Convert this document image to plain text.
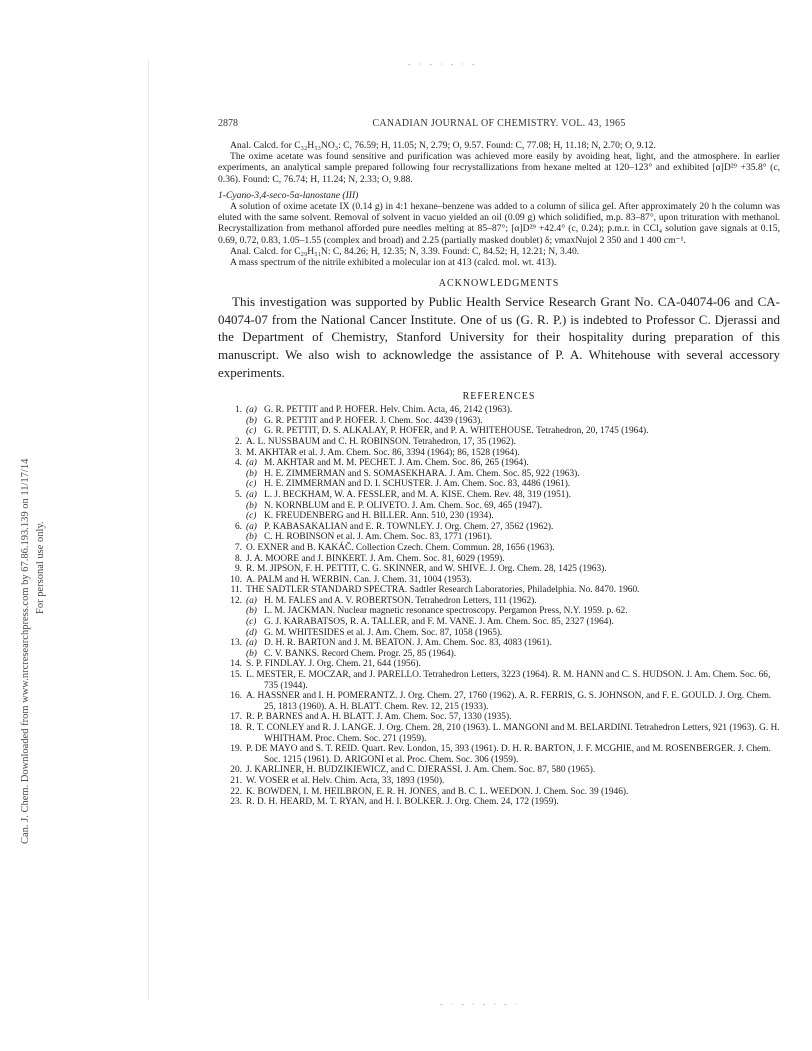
- · - · - · -
Can. J. Chem. Downloaded from www.nrcresearchpress.com by 67.86.193.139 on 11/17/14 For personal use only.
2878	CANADIAN JOURNAL OF CHEMISTRY. VOL. 43, 1965

Anal. Calcd. for C₃₂H₅₃NO₃: C, 76.59; H, 11.05; N, 2.79; O, 9.57. Found: C, 77.08; H, 11.18; N, 2.70; O, 9.12.

The oxime acetate was found sensitive and purification was achieved more easily by avoiding heat, light, and the atmosphere. In earlier experiments, an analytical sample prepared following four recrystallizations from hexane melted at 120–123° and exhibited [α]D²⁹ +35.8° (c, 0.36). Found: C, 76.74; H, 11.24; N, 2.33; O, 9.88.

1-Cyano-3,4-seco-5α-lanostane (III)

A solution of oxime acetate IX (0.14 g) in 4:1 hexane–benzene was added to a column of silica gel. After approximately 20 h the column was eluted with the same solvent. Removal of solvent in vacuo yielded an oil (0.09 g) which solidified, m.p. 83–87°, upon trituration with methanol. Recrystallization from methanol afforded pure needles melting at 85–87°; [α]D²⁹ +42.4° (c, 0.24); p.m.r. in CCl₄ solution gave signals at 0.15, 0.69, 0.72, 0.83, 1.05–1.55 (complex and broad) and 2.25 (partially masked doublet) δ; νmaxNujol 2 350 and 1 400 cm⁻¹.

Anal. Calcd. for C₂₉H₅₁N: C, 84.26; H, 12.35; N, 3.39. Found: C, 84.52; H, 12.21; N, 3.40.

A mass spectrum of the nitrile exhibited a molecular ion at 413 (calcd. mol. wt. 413).

ACKNOWLEDGMENTS

This investigation was supported by Public Health Service Research Grant No. CA-04074-06 and CA-04074-07 from the National Cancer Institute. One of us (G. R. P.) is indebted to Professor C. Djerassi and the Department of Chemistry, Stanford University for their hospitality during preparation of this manuscript. We also wish to acknowledge the assistance of P. A. Whitehouse with several accessory experiments.

REFERENCES
1. (a) G. R. PETTIT and P. HOFER. Helv. Chim. Acta, 46, 2142 (1963).
(b) G. R. PETTIT and P. HOFER. J. Chem. Soc. 4439 (1963).
(c) G. R. PETTIT, D. S. ALKALAY, P. HOFER, and P. A. WHITEHOUSE. Tetrahedron, 20, 1745 (1964).
2. A. L. NUSSBAUM and C. H. ROBINSON. Tetrahedron, 17, 35 (1962).
3. M. AKHTAR et al. J. Am. Chem. Soc. 86, 3394 (1964); 86, 1528 (1964).
4. (a) M. AKHTAR and M. M. PECHET. J. Am. Chem. Soc. 86, 265 (1964).
(b) H. E. ZIMMERMAN and S. SOMASEKHARA. J. Am. Chem. Soc. 85, 922 (1963).
(c) H. E. ZIMMERMAN and D. I. SCHUSTER. J. Am. Chem. Soc. 83, 4486 (1961).
5. (a) L. J. BECKHAM, W. A. FESSLER, and M. A. KISE. Chem. Rev. 48, 319 (1951).
(b) N. KORNBLUM and E. P. OLIVETO. J. Am. Chem. Soc. 69, 465 (1947).
(c) K. FREUDENBERG and H. BILLER. Ann. 510, 230 (1934).
6. (a) P. KABASAKALIAN and E. R. TOWNLEY. J. Org. Chem. 27, 3562 (1962).
(b) C. H. ROBINSON et al. J. Am. Chem. Soc. 83, 1771 (1961).
7. O. EXNER and B. KAKÁČ. Collection Czech. Chem. Commun. 28, 1656 (1963).
8. J. A. MOORE and J. BINKERT. J. Am. Chem. Soc. 81, 6029 (1959).
9. R. M. JIPSON, F. H. PETTIT, C. G. SKINNER, and W. SHIVE. J. Org. Chem. 28, 1425 (1963).
10. A. PALM and H. WERBIN. Can. J. Chem. 31, 1004 (1953).
11. THE SADTLER STANDARD SPECTRA. Sadtler Research Laboratories, Philadelphia. No. 8470. 1960.
12. (a) H. M. FALES and A. V. ROBERTSON. Tetrahedron Letters, 111 (1962).
(b) L. M. JACKMAN. Nuclear magnetic resonance spectroscopy. Pergamon Press, N.Y. 1959. p. 62.
(c) G. J. KARABATSOS, R. A. TALLER, and F. M. VANE. J. Am. Chem. Soc. 85, 2327 (1964).
(d) G. M. WHITESIDES et al. J. Am. Chem. Soc. 87, 1058 (1965).
13. (a) D. H. R. BARTON and J. M. BEATON. J. Am. Chem. Soc. 83, 4083 (1961).
(b) C. V. BANKS. Record Chem. Progr. 25, 85 (1964).
14. S. P. FINDLAY. J. Org. Chem. 21, 644 (1956).
15. L. MESTER, E. MOCZAR, and J. PARELLO. Tetrahedron Letters, 3223 (1964). R. M. HANN and C. S. HUDSON. J. Am. Chem. Soc. 66, 735 (1944).
16. A. HASSNER and I. H. POMERANTZ. J. Org. Chem. 27, 1760 (1962). A. R. FERRIS, G. S. JOHNSON, and F. E. GOULD. J. Org. Chem. 25, 1813 (1960). A. H. BLATT. Chem. Rev. 12, 215 (1933).
17. R. P. BARNES and A. H. BLATT. J. Am. Chem. Soc. 57, 1330 (1935).
18. R. T. CONLEY and R. J. LANGE. J. Org. Chem. 28, 210 (1963). L. MANGONI and M. BELARDINI. Tetrahedron Letters, 921 (1963). G. H. WHITHAM. Proc. Chem. Soc. 271 (1959).
19. P. DE MAYO and S. T. REID. Quart. Rev. London, 15, 393 (1961). D. H. R. BARTON, J. F. MCGHIE, and M. ROSENBERGER. J. Chem. Soc. 1215 (1961). D. ARIGONI et al. Proc. Chem. Soc. 306 (1959).
20. J. KARLINER, H. BUDZIKIEWICZ, and C. DJERASSI. J. Am. Chem. Soc. 87, 580 (1965).
21. W. VOSER et al. Helv. Chim. Acta, 33, 1893 (1950).
22. K. BOWDEN, I. M. HEILBRON, E. R. H. JONES, and B. C. L. WEEDON. J. Chem. Soc. 39 (1946).
23. R. D. H. HEARD, M. T. RYAN, and H. I. BOLKER. J. Org. Chem. 24, 172 (1959).
- · - · - · - ·
